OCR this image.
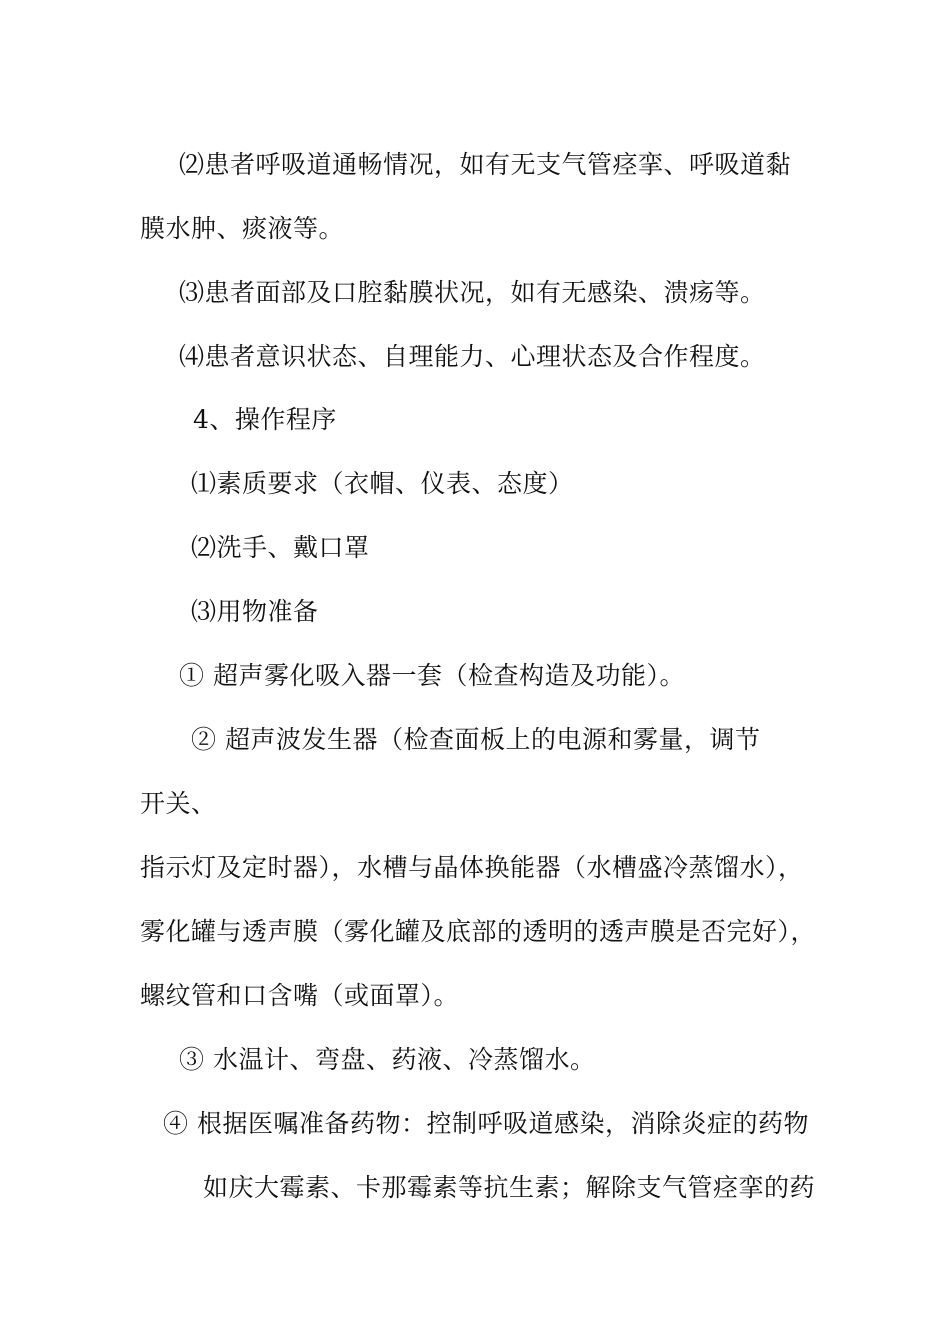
⑵患者呼吸道通畅情况，如有无支气管痉挛、呼吸道黏
膜水肿、痰液等。
⑶患者面部及口腔黏膜状况，如有无感染、溃疡等。
⑷患者意识状态、自理能力、心理状态及合作程度。
4、操作程序
⑴素质要求（衣帽、仪表、态度）
⑵洗手、戴口罩
⑶用物准备
① 超声雾化吸入器一套（检查构造及功能）。
② 超声波发生器（检查面板上的电源和雾量，调节
开关、
指示灯及定时器），水槽与晶体换能器（水槽盛冷蒸馏水），
雾化罐与透声膜（雾化罐及底部的透明的透声膜是否完好），
螺纹管和口含嘴（或面罩）。
③ 水温计、弯盘、药液、冷蒸馏水。
④ 根据医嘱准备药物：控制呼吸道感染，消除炎症的药物
如庆大霉素、卡那霉素等抗生素；解除支气管痉挛的药
